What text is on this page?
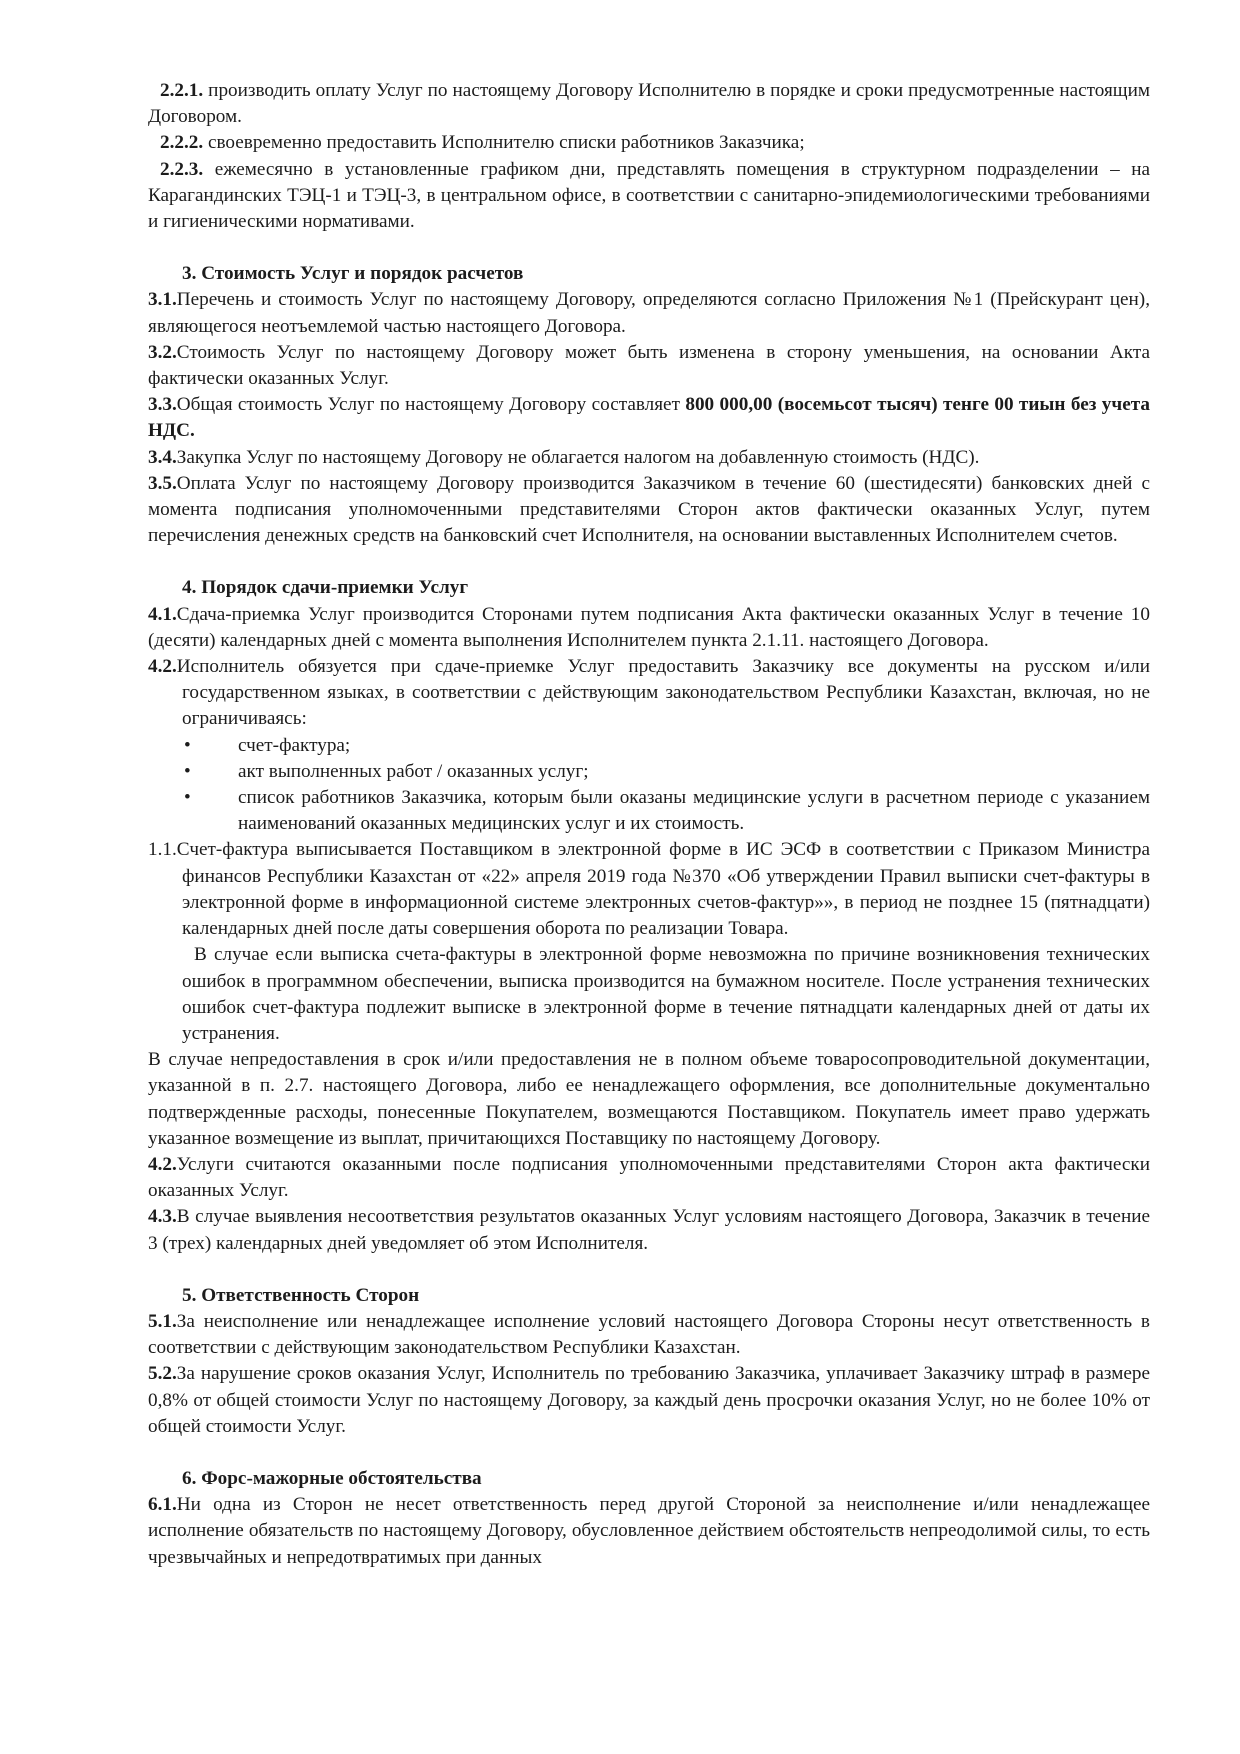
2.2.1. производить оплату Услуг по настоящему Договору Исполнителю в порядке и сроки предусмотренные настоящим Договором.

2.2.2. своевременно предоставить Исполнителю списки работников Заказчика;

2.2.3. ежемесячно в установленные графиком дни, представлять помещения в структурном подразделении – на Карагандинских ТЭЦ-1 и ТЭЦ-3, в центральном офисе, в соответствии с санитарно-эпидемиологическими требованиями и гигиеническими нормативами.

3. Стоимость Услуг и порядок расчетов

3.1.Перечень и стоимость Услуг по настоящему Договору, определяются согласно Приложения №1 (Прейскурант цен), являющегося неотъемлемой частью настоящего Договора.

3.2.Стоимость Услуг по настоящему Договору может быть изменена в сторону уменьшения, на основании Акта фактически оказанных Услуг.

3.3.Общая стоимость Услуг по настоящему Договору составляет 800 000,00 (восемьсот тысяч) тенге 00 тиын без учета НДС.

3.4.Закупка Услуг по настоящему Договору не облагается налогом на добавленную стоимость (НДС).

3.5.Оплата Услуг по настоящему Договору производится Заказчиком в течение 60 (шестидесяти) банковских дней с момента подписания уполномоченными представителями Сторон актов фактически оказанных Услуг, путем перечисления денежных средств на банковский счет Исполнителя, на основании выставленных Исполнителем счетов.

4. Порядок сдачи-приемки Услуг

4.1.Сдача-приемка Услуг производится Сторонами путем подписания Акта фактически оказанных Услуг в течение 10 (десяти) календарных дней с момента выполнения Исполнителем пункта 2.1.11. настоящего Договора.

4.2.Исполнитель обязуется при сдаче-приемке Услуг предоставить Заказчику все документы на русском и/или государственном языках, в соответствии с действующим законодательством Республики Казахстан, включая, но не ограничиваясь:

• счет-фактура;
• акт выполненных работ / оказанных услуг;
• список работников Заказчика, которым были оказаны медицинские услуги в расчетном периоде с указанием наименований оказанных медицинских услуг и их стоимость.

1.1.Счет-фактура выписывается Поставщиком в электронной форме в ИС ЭСФ в соответствии с Приказом Министра финансов Республики Казахстан от «22» апреля 2019 года №370 «Об утверждении Правил выписки счет-фактуры в электронной форме в информационной системе электронных счетов-фактур»», в период не позднее 15 (пятнадцати) календарных дней после даты совершения оборота по реализации Товара.

В случае если выписка счета-фактуры в электронной форме невозможна по причине возникновения технических ошибок в программном обеспечении, выписка производится на бумажном носителе. После устранения технических ошибок счет-фактура подлежит выписке в электронной форме в течение пятнадцати календарных дней от даты их устранения.

В случае непредоставления в срок и/или предоставления не в полном объеме товаросопроводительной документации, указанной в п. 2.7. настоящего Договора, либо ее ненадлежащего оформления, все дополнительные документально подтвержденные расходы, понесенные Покупателем, возмещаются Поставщиком. Покупатель имеет право удержать указанное возмещение из выплат, причитающихся Поставщику по настоящему Договору.

4.2.Услуги считаются оказанными после подписания уполномоченными представителями Сторон акта фактически оказанных Услуг.

4.3.В случае выявления несоответствия результатов оказанных Услуг условиям настоящего Договора, Заказчик в течение 3 (трех) календарных дней уведомляет об этом Исполнителя.

5. Ответственность Сторон

5.1.За неисполнение или ненадлежащее исполнение условий настоящего Договора Стороны несут ответственность в соответствии с действующим законодательством Республики Казахстан.

5.2.За нарушение сроков оказания Услуг, Исполнитель по требованию Заказчика, уплачивает Заказчику штраф в размере 0,8% от общей стоимости Услуг по настоящему Договору, за каждый день просрочки оказания Услуг, но не более 10% от общей стоимости Услуг.

6. Форс-мажорные обстоятельства

6.1.Ни одна из Сторон не несет ответственность перед другой Стороной за неисполнение и/или ненадлежащее исполнение обязательств по настоящему Договору, обусловленное действием обстоятельств непреодолимой силы, то есть чрезвычайных и непредотвратимых при данных
